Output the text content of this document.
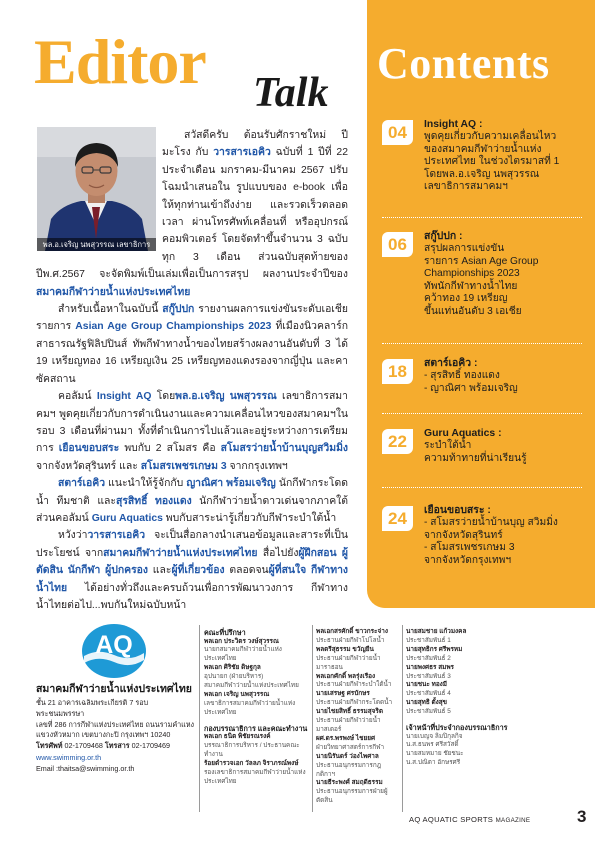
Editor Talk
พล.อ.เจริญ นพสุวรรณ เลขาธิการ

สวัสดีครับ ต้อนรับศักราชใหม่ ปีมะโรง กับ วารสารเอคิว ฉบับที่ 1 ปีที่ 22 ประจำเดือน มกราคม-มีนาคม 2567 ปรับโฉมนำเสนอใน รูปแบบของ e-book เพื่อให้ทุกท่านเข้าถึงง่าย และรวดเร็วตลอดเวลา ผ่านโทรศัพท์เคลื่อนที่ หรืออุปกรณ์คอมพิวเตอร์ โดยจัดทำขึ้นจำนวน 3 ฉบับ ทุก 3 เดือน ส่วนฉบับสุดท้ายของ ปีพ.ศ.2567 จะจัดพิมพ์เป็นเล่มเพื่อเป็นการสรุป ผลงานประจำปีของสมาคมกีฬาว่ายน้ำแห่งประเทศไทย

สำหรับเนื้อหาในฉบับนี้ สกู๊ปปก รายงานผลการแข่งขันระดับเอเชีย รายการ Asian Age Group Championships 2023 ที่เมืองนิวคลาร์ก สาธารณรัฐฟิลิปปินส์ ทัพกีฬาทางน้ำของไทยสร้างผลงานอันดับที่ 3 ได้ 19 เหรียญทอง 16 เหรียญเงิน 25 เหรียญทองแดงรองจากญี่ปุ่น และคาซัคสถาน

คอลัมน์ Insight AQ โดยพล.อ.เจริญ นพสุวรรณ เลขาธิการสมาคมฯ พูดคุยเกี่ยวกับการดำเนินงานและความเคลื่อนไหวของสมาคมฯในรอบ 3 เดือนที่ผ่านมา ทั้งที่ดำเนินการไปแล้วและอยู่ระหว่างการเตรียมการ เยือนขอบสระ พบกับ 2 สโมสร คือ สโมสรว่ายน้ำบ้านบุญสวิมมิ่ง จากจังหวัดสุรินทร์ และ สโมสรเพชรเกษม 3 จากกรุงเทพฯ

สตาร์เอคิว แนะนำให้รู้จักกับ ญาณิศา พร้อมเจริญ นักกีฬากระโดดน้ำ ทีมชาติ และสุรสิทธิ์ ทองแดง นักกีฬาว่ายน้ำดาวเด่นจากภาคใต้ ส่วนคอลัมน์ Guru Aquatics พบกับสาระน่ารู้เกี่ยวกับกีฬาระบำใต้น้ำ

หวังว่าวารสารเอคิว จะเป็นสื่อกลางนำเสนอข้อมูลและสาระที่เป็น ประโยชน์ จากสมาคมกีฬาว่ายน้ำแห่งประเทศไทย สื่อไปยังผู้ฝึกสอน ผู้ตัดสิน นักกีฬา ผู้ปกครอง และผู้ที่เกี่ยวข้อง ตลอดจนผู้ที่สนใจ กีฬาทางน้ำไทย ได้อย่างทั่วถึงและครบถ้วนเพื่อการพัฒนาวงการ กีฬาทางน้ำไทยต่อไป...พบกันใหม่ฉบับหน้า

AQ
สมาคมกีฬาว่ายน้ำแห่งประเทศไทย
ชั้น 21 อาคารเฉลิมพระเกียรติ 7 รอบพระชนมพรรษา
เลขที่ 286 การกีฬาแห่งประเทศไทย ถนนรามคำแหง
แขวงหัวหมาก เขตบางกะปิ กรุงเทพฯ 10240
โทรศัพท์ 02-1709468 โทรสาร 02-1709469
www.swimming.or.th
Email :thaitsa@swimming.or.th
คณะที่ปรึกษา
พลเอก ประวิตร วงษ์สุวรรณ
นายกสมาคมกีฬาว่ายน้ำแห่งประเทศไทย
พลเอก ศิริชัย ดิษฐกุล
อุปนายก (ฝ่ายบริหาร)
สมาคมกีฬาว่ายน้ำแห่งประเทศไทย
พลเอก เจริญ นพสุวรรณ
เลขาธิการสมาคมกีฬาว่ายน้ำแห่งประเทศไทย
กองบรรณาธิการ และคณะทำงาน
พลเอก ธนิต พิชัยรณรงค์
บรรณาธิการบริหาร / ประธานคณะทำงาน
ร้อยตำรวจเอก วัลลภ จิราภรณ์พงษ์
รองเลขาธิการสมาคมกีฬาว่ายน้ำแห่งประเทศไทย
พลเอกสรศักดิ์ ขาวกระจ่าง
ประธานฝ่ายกีฬาโปโลน้ำ
พลตรีสุธรรม ขวัญยืน
ประธานฝ่ายกีฬาว่ายน้ำมาราธอน
พลเอกศักดิ์ พลรุ่งเรือง
ประธานฝ่ายกีฬาระบำใต้น้ำ
นายเสรษฐ ศรบักษร
ประธานฝ่ายกีฬากระโดดน้ำ
นายไชยสิทธิ์ ธรรมสุจริต
ประธานฝ่ายกีฬาว่ายน้ำมาสเตอร์
ผศ.ดร.พรพงษ์ ไชยยศ
ฝ่ายวิทยาศาสตร์การกีฬา
นายนิรันดร์ ว่องไพศาล
ประธานอนุกรรมการกฎกติกาฯ
นายธีระพงศ์ สมฤดีธรรม
ประธานอนุกรรมการฝ่ายผู้ตัดสิน
นายสมชาย แก้วมงคล
ประชาสัมพันธ์ 1
นายสุทธิกร ศรีพรหม
ประชาสัมพันธ์ 2
นายพงศธร สมพร
ประชาสัมพันธ์ 3
นายชนะ ทองมี
ประชาสัมพันธ์ 4
นายสุทธิ ตั้งสุข
ประชาสัมพันธ์ 5
เจ้าหน้าที่ประจำกองบรรณาธิการ
นายเบญจ ลิมปิกุลกิจ
น.ส.ธนพร ศรีสวัสดิ์
นายสมหมาย ชัยชนะ
น.ส.ปณิตา อักษรศรี
Contents
04	Insight AQ :
พูดคุยเกี่ยวกับความเคลื่อนไหว
ของสมาคมกีฬาว่ายน้ำแห่ง
ประเทศไทย ในช่วงไตรมาสที่ 1
โดยพล.อ.เจริญ นพสุวรรณ
เลขาธิการสมาคมฯ
06	สกู๊ปปก :
สรุปผลการแข่งขัน
รายการ Asian Age Group
Championships 2023
ทัพนักกีฬาทางน้ำไทย
คว้าทอง 19 เหรียญ
ขึ้นแท่นอันดับ 3 เอเชีย
18	สตาร์เอคิว :
- สุรสิทธิ์ ทองแดง
- ญาณิศา พร้อมเจริญ
22	Guru Aquatics :
ระบำใต้น้ำ
ความท้าทายที่น่าเรียนรู้
24	เยือนขอบสระ :
- สโมสรว่ายน้ำบ้านบุญ สวิมมิ่ง
จากจังหวัดสุรินทร์
- สโมสรเพชรเกษม 3
จากจังหวัดกรุงเทพฯ
AQ AQUATIC SPORTS MAGAZINE	3
